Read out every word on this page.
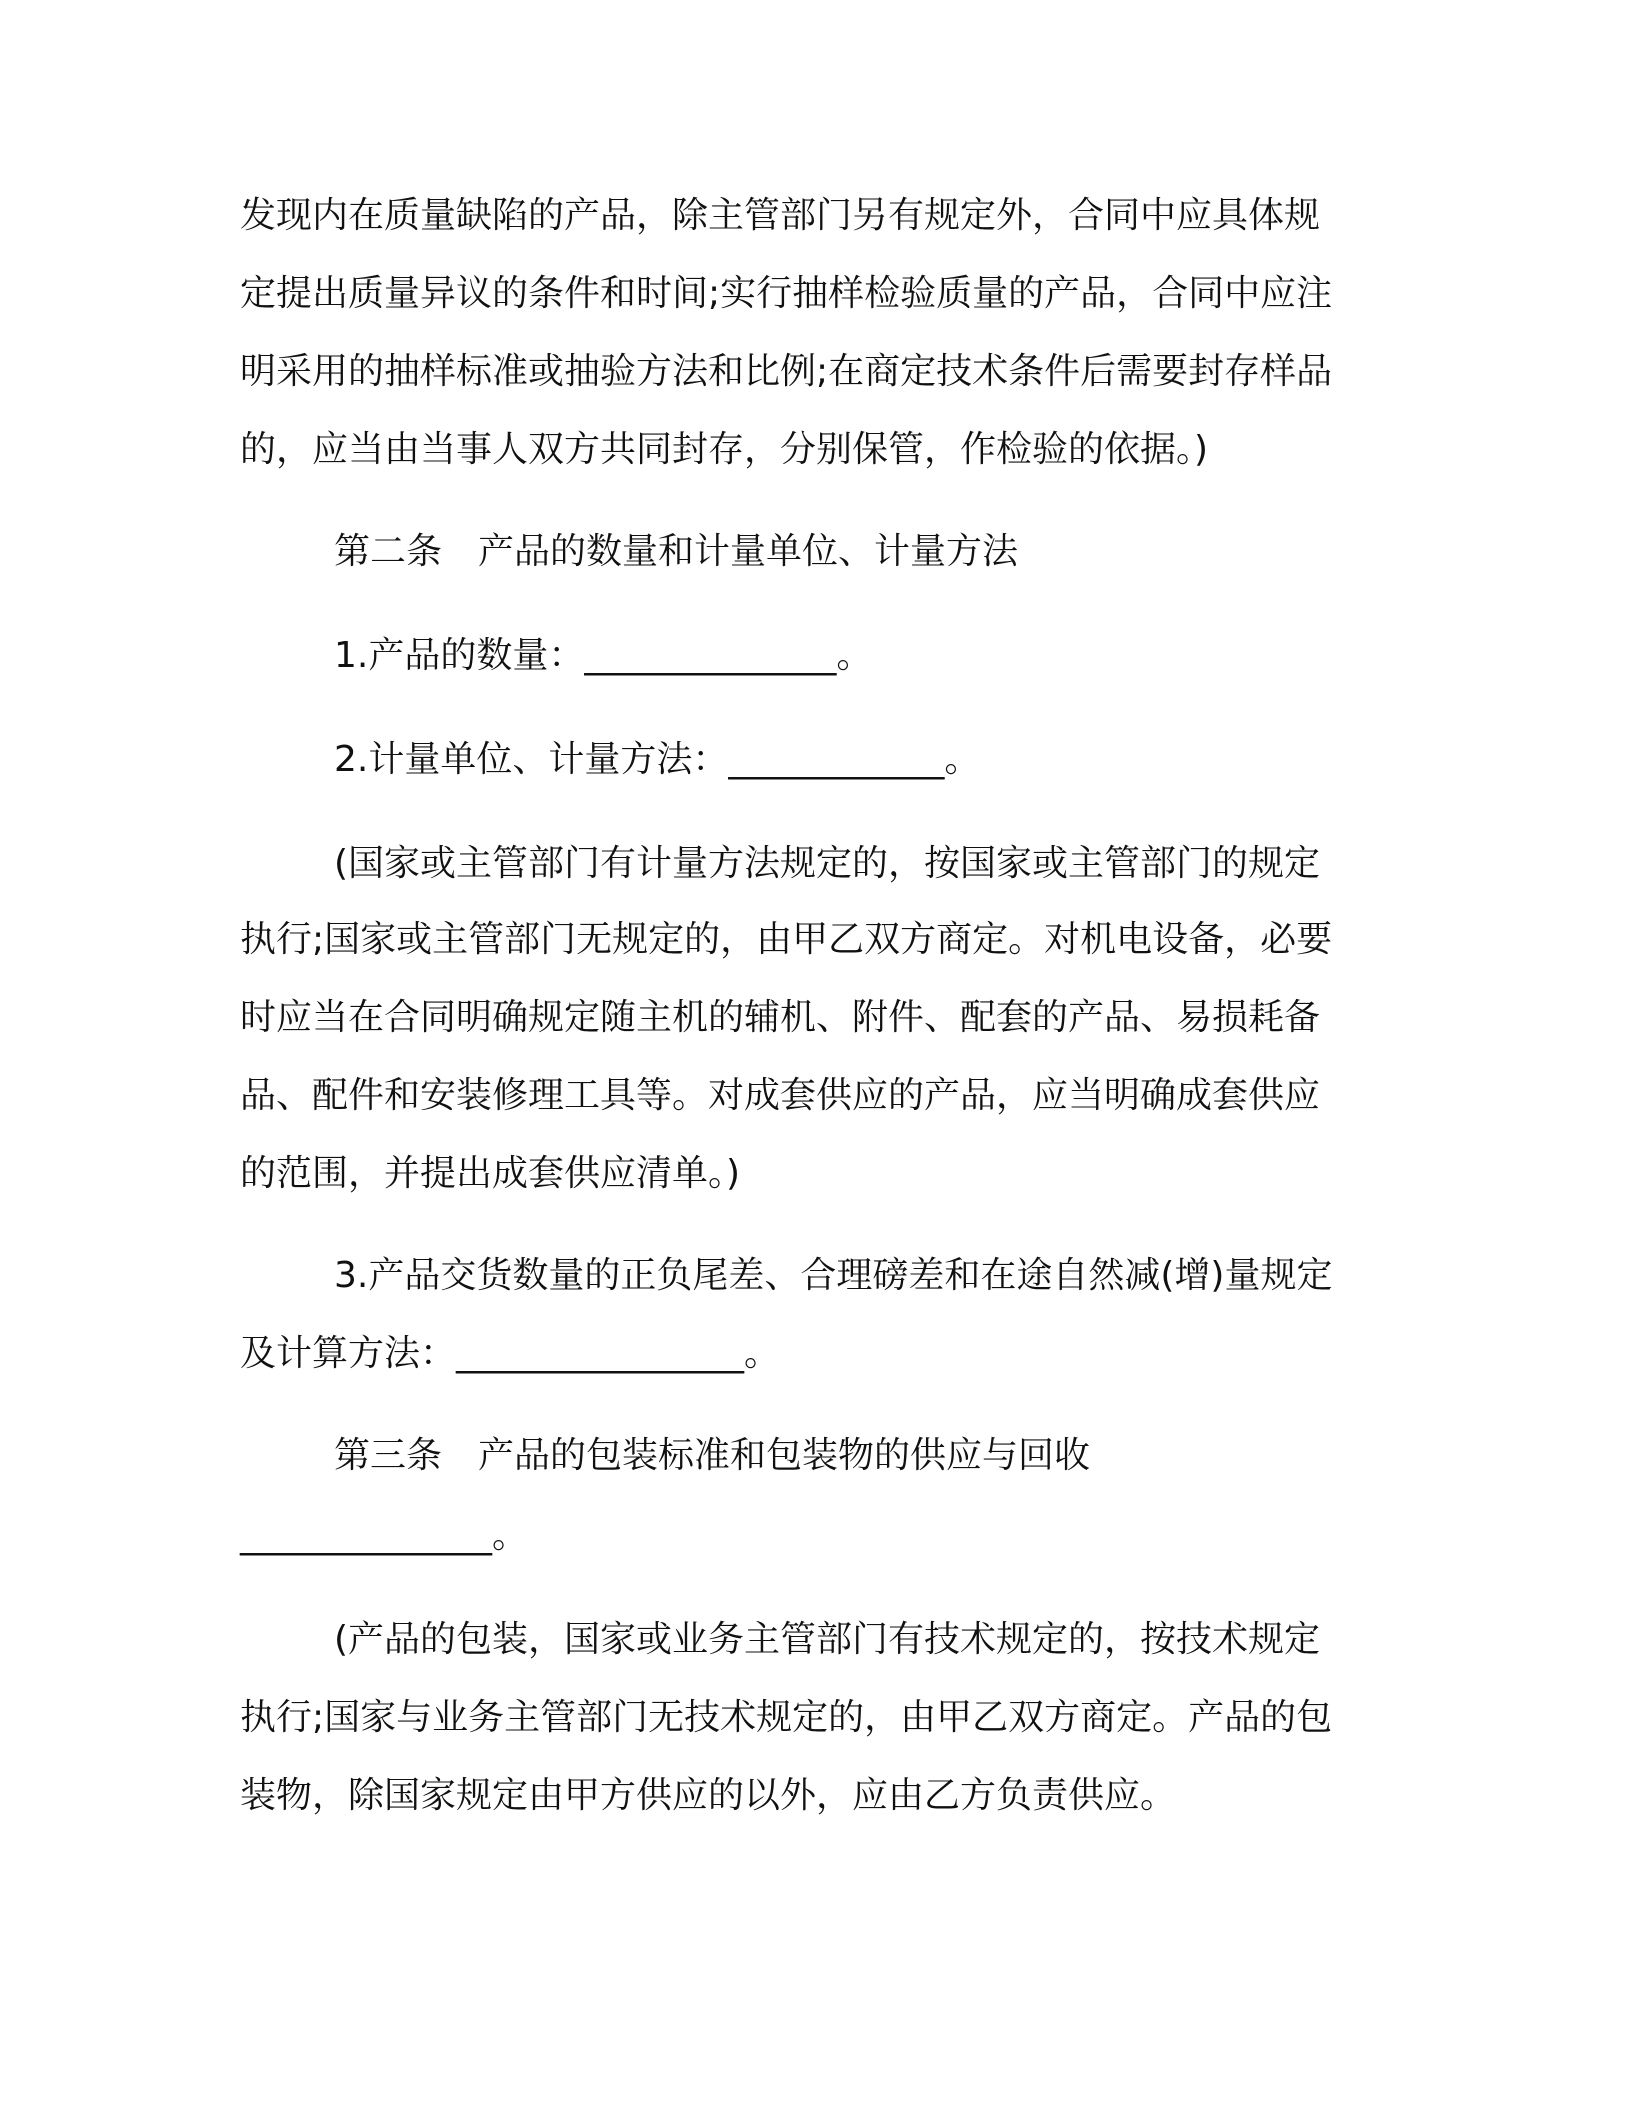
发现内在质量缺陷的产品，除主管部门另有规定外，合同中应具体规
定提出质量异议的条件和时间;实行抽样检验质量的产品，合同中应注
明采用的抽样标准或抽验方法和比例;在商定技术条件后需要封存样品
的，应当由当事人双方共同封存，分别保管，作检验的依据。)
第二条　产品的数量和计量单位、计量方法
1.产品的数量：______________。
2.计量单位、计量方法：____________。
(国家或主管部门有计量方法规定的，按国家或主管部门的规定
执行;国家或主管部门无规定的，由甲乙双方商定。对机电设备，必要
时应当在合同明确规定随主机的辅机、附件、配套的产品、易损耗备
品、配件和安装修理工具等。对成套供应的产品，应当明确成套供应
的范围，并提出成套供应清单。)
3.产品交货数量的正负尾差、合理磅差和在途自然减(增)量规定
及计算方法：________________。
第三条　产品的包装标准和包装物的供应与回收
______________。
(产品的包装，国家或业务主管部门有技术规定的，按技术规定
执行;国家与业务主管部门无技术规定的，由甲乙双方商定。产品的包
装物，除国家规定由甲方供应的以外，应由乙方负责供应。
